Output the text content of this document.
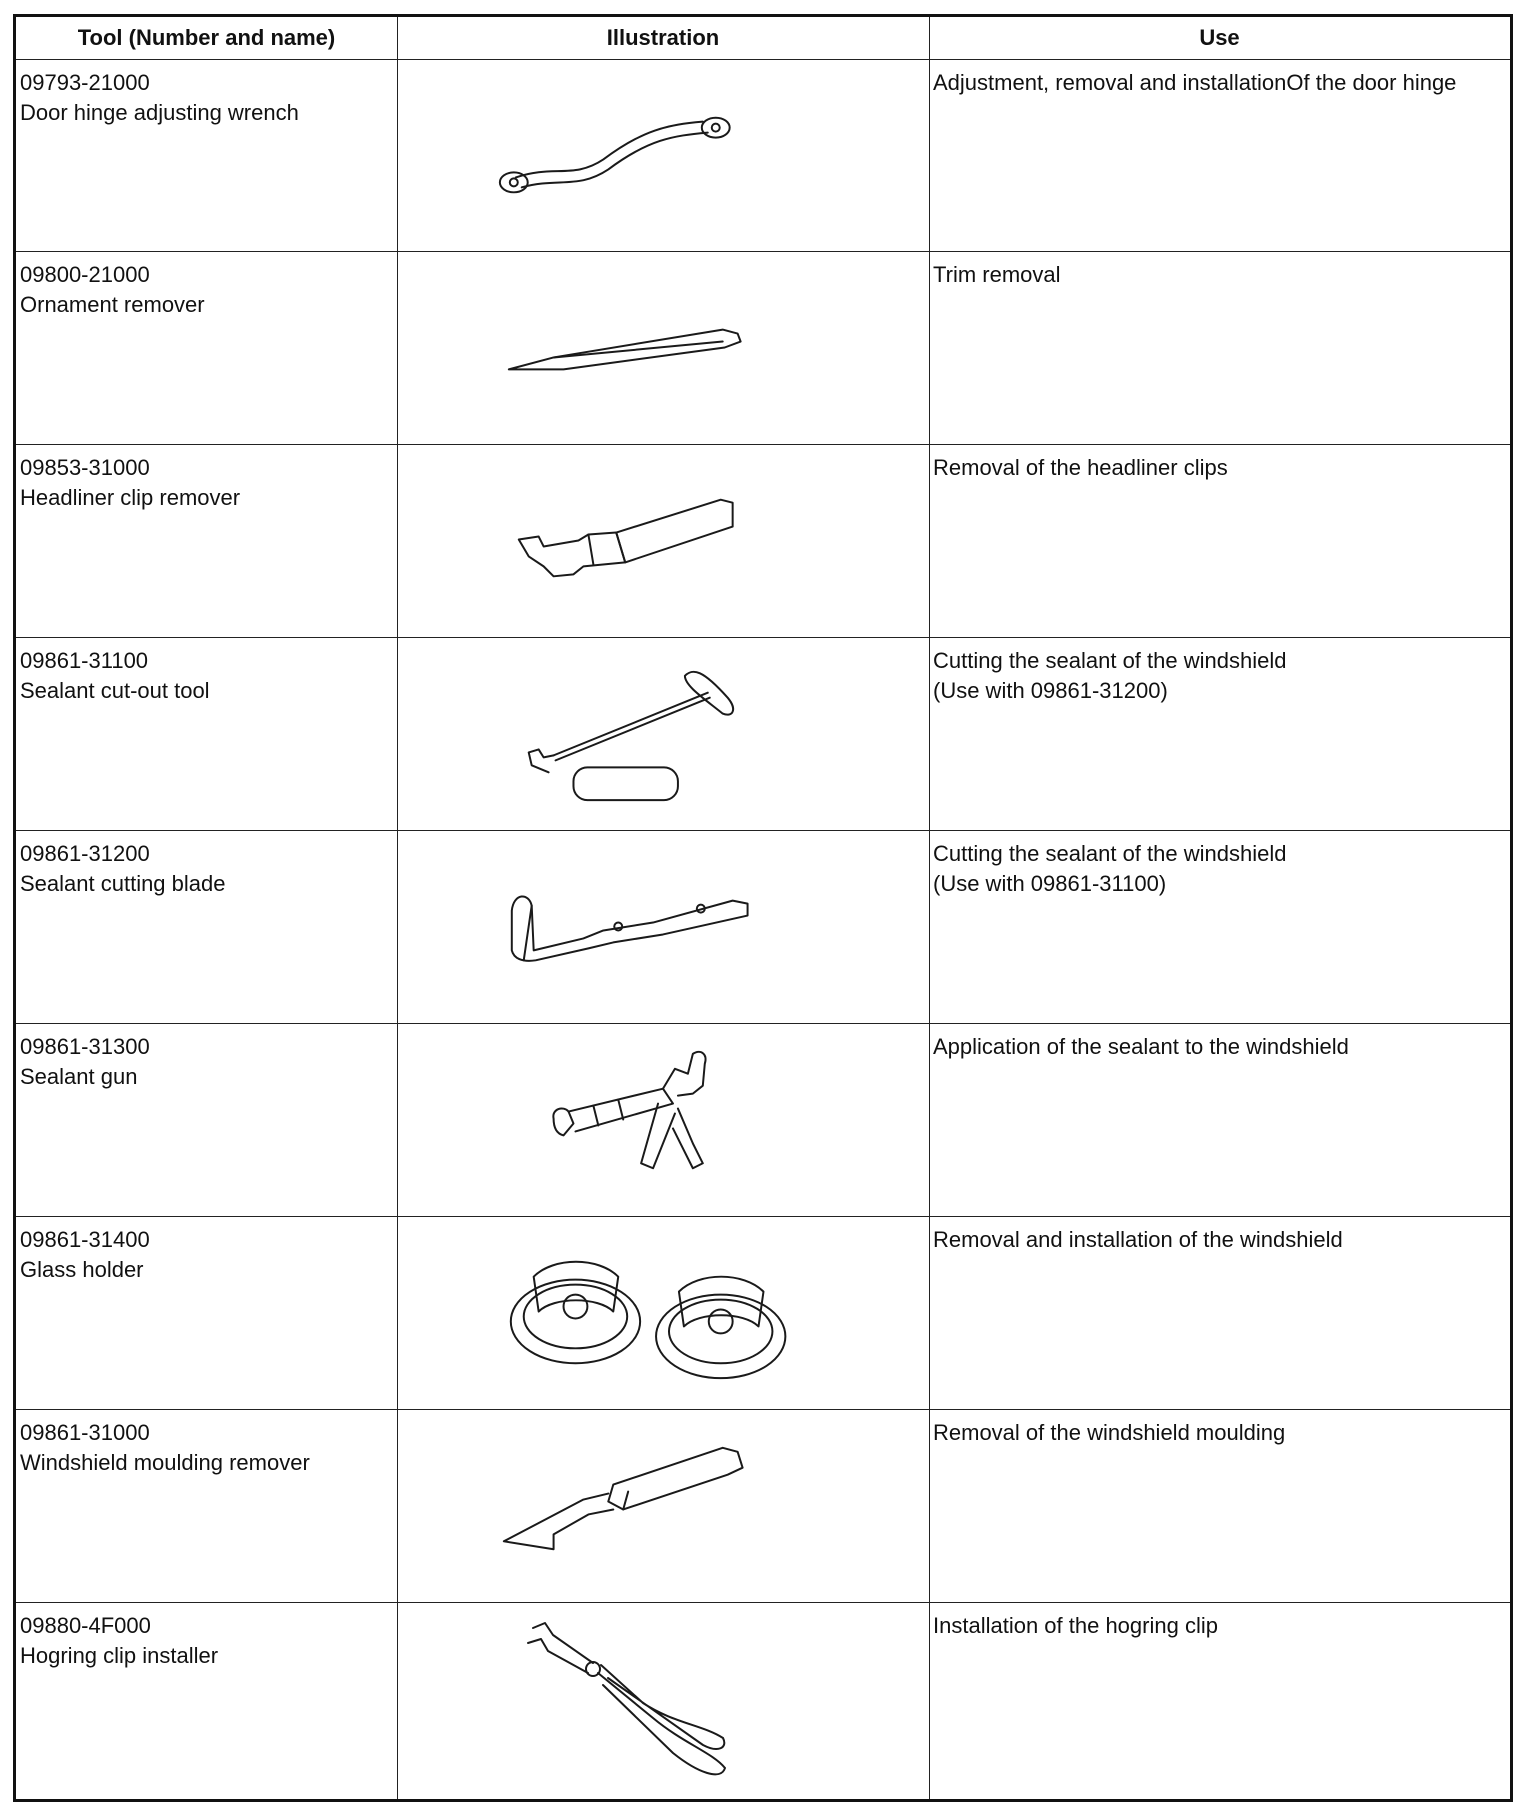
Tool (Number and name)	Illustration	Use
09793-21000
Door hinge adjusting wrench
Adjustment, removal and installationOf the door hinge
09800-21000
Ornament remover
Trim removal
09853-31000
Headliner clip remover
Removal of the headliner clips
09861-31100
Sealant cut-out tool
Cutting the sealant of the windshield
(Use with 09861-31200)
09861-31200
Sealant cutting blade
Cutting the sealant of the windshield
(Use with 09861-31100)
09861-31300
Sealant gun
Application of the sealant to the windshield
09861-31400
Glass holder
Removal and installation of the windshield
09861-31000
Windshield moulding remover
Removal of the windshield moulding
09880-4F000
Hogring clip installer
Installation of the hogring clip
